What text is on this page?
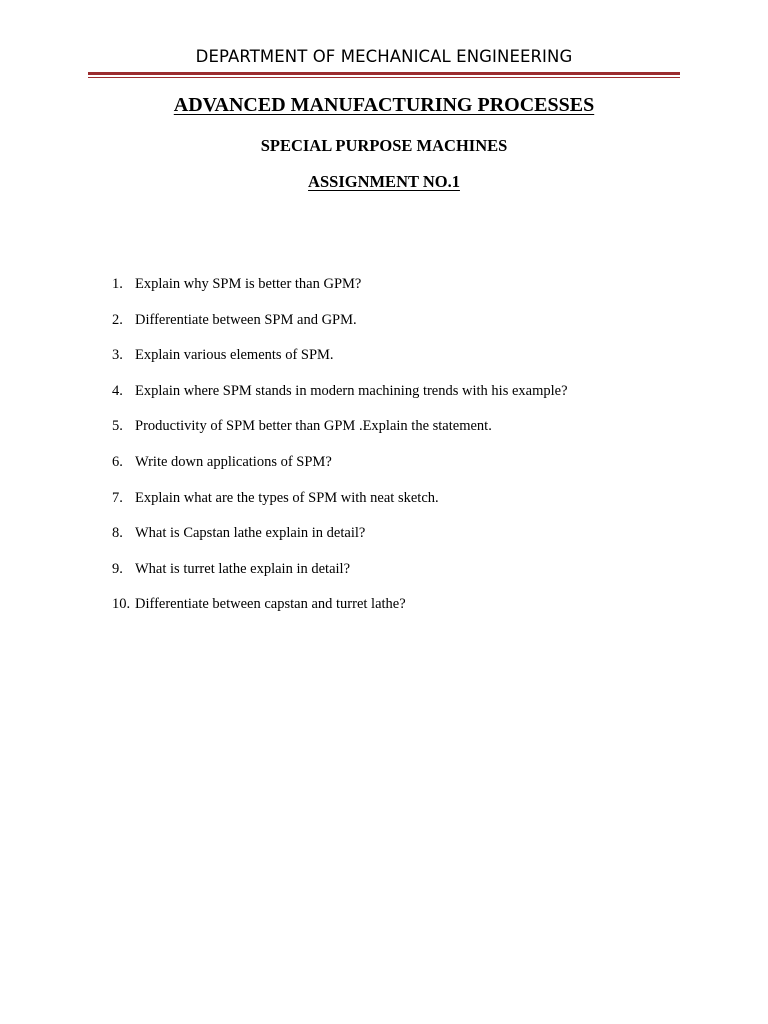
DEPARTMENT OF MECHANICAL ENGINEERING
ADVANCED MANUFACTURING PROCESSES
SPECIAL PURPOSE MACHINES
ASSIGNMENT NO.1
1. Explain why SPM is better than GPM?
2. Differentiate between SPM and GPM.
3. Explain various elements of SPM.
4. Explain where SPM stands in modern machining trends with his example?
5. Productivity of SPM better than GPM .Explain the statement.
6. Write down applications of SPM?
7. Explain what are the types of SPM with neat sketch.
8. What is Capstan lathe explain in detail?
9. What is turret lathe explain in detail?
10. Differentiate between capstan and turret lathe?
